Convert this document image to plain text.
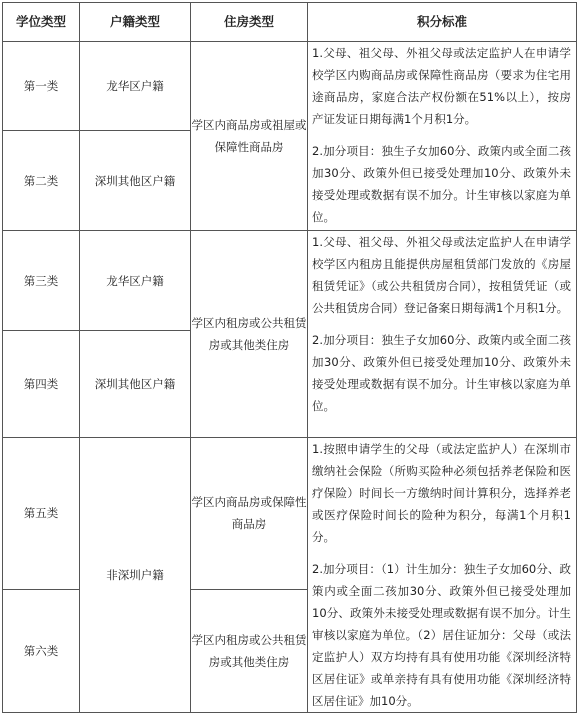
学位类型	户籍类型	住房类型	积分标准
第一类	龙华区户籍	学区内商品房或祖屋或保障性商品房	1.父母、祖父母、外祖父母或法定监护人在申请学校学区内购商品房或保障性商品房（要求为住宅用途商品房，家庭合法产权份额在51%以上），按房产证发证日期每满1个月积1分。
2.加分项目：独生子女加60分、政策内或全面二孩加30分、政策外但已接受处理加10分、政策外未接受处理或数据有误不加分。计生审核以家庭为单位。

第二类	深圳其他区户籍		
第三类	龙华区户籍	学区内租房或公共租赁房或其他类住房	1.父母、祖父母、外祖父母或法定监护人在申请学校学区内租房且能提供房屋租赁部门发放的《房屋租赁凭证》（或公共租赁房合同），按租赁凭证（或公共租赁房合同）登记备案日期每满1个月积1分。
2.加分项目：独生子女加60分、政策内或全面二孩加30分、政策外但已接受处理加10分、政策外未接受处理或数据有误不加分。计生审核以家庭为单位。

第四类	深圳其他区户籍		
第五类	非深圳户籍	学区内商品房或保障性商品房	1.按照申请学生的父母（或法定监护人）在深圳市缴纳社会保险（所购买险种必须包括养老保险和医疗保险）时间长一方缴纳时间计算积分，选择养老或医疗保险时间长的险种为积分，每满1个月积1分。
2.加分项目：（1）计生加分：独生子女加60分、政策内或全面二孩加30分、政策外但已接受处理加10分、政策外未接受处理或数据有误不加分。计生审核以家庭为单位。（2）居住证加分：父母（或法定监护人）双方均持有具有使用功能《深圳经济特区居住证》或单亲持有具有使用功能《深圳经济特区居住证》加10分。

第六类		学区内租房或公共租赁房或其他类住房	
